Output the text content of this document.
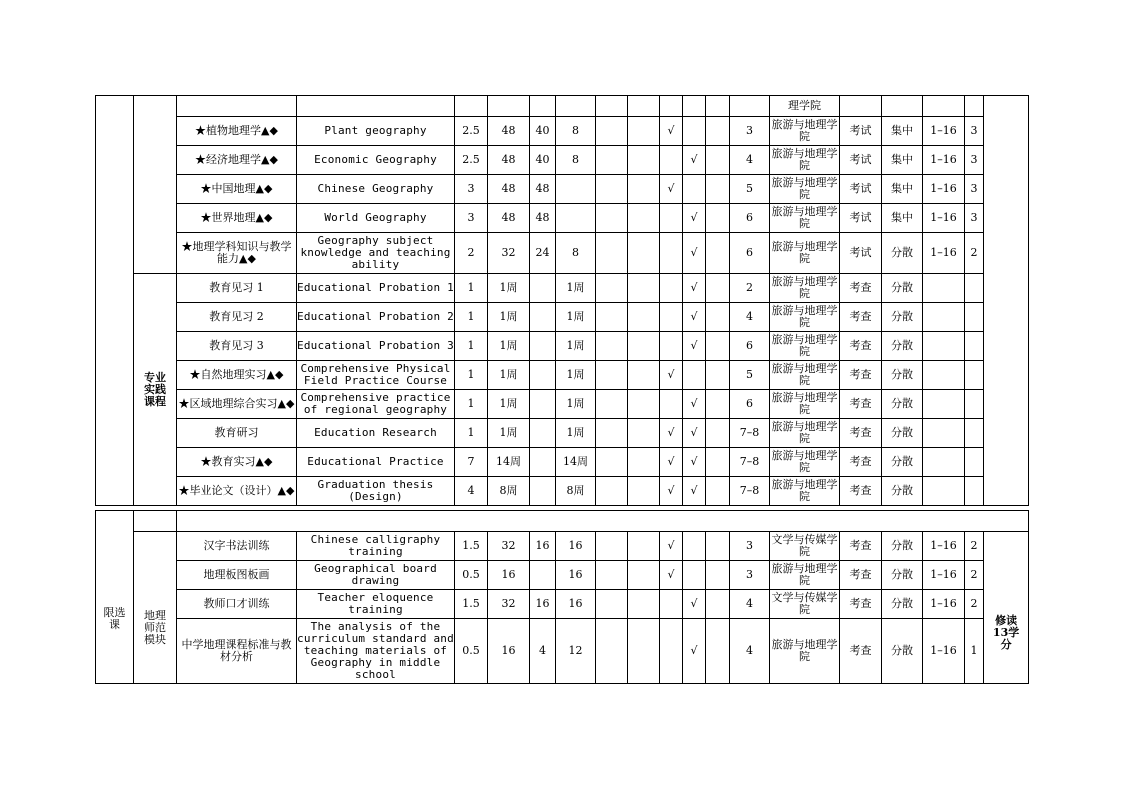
														理学院					
		★植物地理学▲◆	Plant geography	2.5	48	40	8			√			3	旅游与地理学院	考试	集中	1–16	3	
		★经济地理学▲◆	Economic Geography	2.5	48	40	8				√		4	旅游与地理学院	考试	集中	1–16	3	
		★中国地理▲◆	Chinese Geography	3	48	48				√			5	旅游与地理学院	考试	集中	1–16	3	
		★世界地理▲◆	World Geography	3	48	48					√		6	旅游与地理学院	考试	集中	1–16	3	
		★地理学科知识与教学能力▲◆	Geography subject knowledge and teaching ability	2	32	24	8				√		6	旅游与地理学院	考试	分散	1–16	2	

	专业实践课程	教育见习 1	Educational Probation 1	1	1周		1周				√		2	旅游与地理学院	考查	分散			
		教育见习 2	Educational Probation 2	1	1周		1周				√		4	旅游与地理学院	考查	分散			
		教育见习 3	Educational Probation 3	1	1周		1周				√		6	旅游与地理学院	考查	分散			
		★自然地理实习▲◆	Comprehensive Physical Field Practice Course	1	1周		1周			√			5	旅游与地理学院	考查	分散			
		★区域地理综合实习▲◆	Comprehensive practice of regional geography	1	1周		1周				√		6	旅游与地理学院	考查	分散			
		教育研习	Education Research	1	1周		1周			√	√		7–8	旅游与地理学院	考查	分散			
		★教育实习▲◆	Educational Practice	7	14周		14周			√	√		7–8	旅游与地理学院	考查	分散			
		★毕业论文（设计）▲◆	Graduation thesis (Design)	4	8周		8周			√	√		7–8	旅游与地理学院	考查	分散			
限选课																			

	地理师范模块	汉字书法训练	Chinese calligraphy training	1.5	32	16	16			√			3	文学与传媒学院	考查	分散	1–16	2	修读13学分

		地理板图板画	Geographical board drawing	0.5	16		16			√			3	旅游与地理学院	考查	分散	1–16	2	
		教师口才训练	Teacher eloquence training	1.5	32	16	16				√		4	文学与传媒学院	考查	分散	1–16	2	
		中学地理课程标准与教材分析	The analysis of the curriculum standard and teaching materials of Geography in middle school	0.5	16	4	12				√		4	旅游与地理学院	考查	分散	1–16	1	
